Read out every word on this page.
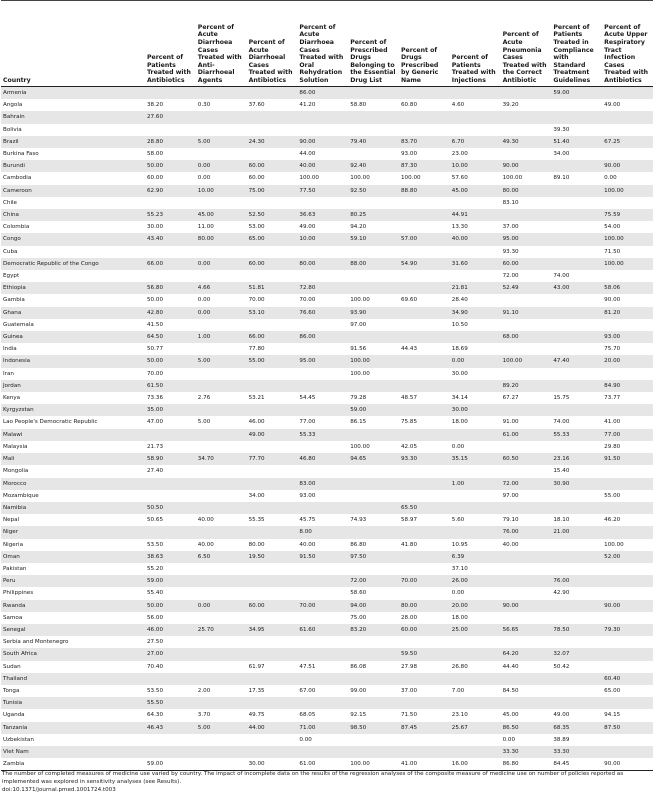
Country	Percent of Patients Treated with Antibiotics	Percent of Acute Diarrhoea Cases Treated with Anti-Diarrhoeal Agents	Percent of Acute Diarrhoeal Cases Treated with Antibiotics	Percent of Acute Diarrhoea Cases Treated with Oral Rehydration Solution	Percent of Prescribed Drugs Belonging to the Essential Drug List	Percent of Drugs Prescribed by Generic Name	Percent of Patients Treated with Injections	Percent of Acute Pneumonia Cases Treated with the Correct Antibiotic	Percent of Patients Treated in Compliance with Standard Treatment Guidelines	Percent of Acute Upper Respiratory Tract Infection Cases Treated with Antibiotics
Armenia				86.00					59.00	
Angola	38.20	0.30	37.60	41.20	58.80	60.80	4.60	39.20		49.00
Bahrain	27.60									
Bolivia									39.30	
Brazil	28.80	5.00	24.30	90.00	79.40	83.70	6.70	49.30	51.40	67.25
Burkina Faso	58.00			44.00		93.00	23.00		34.00	
Burundi	50.00	0.00	60.00	40.00	92.40	87.30	10.00	90.00		90.00
Cambodia	60.00	0.00	60.00	100.00	100.00	100.00	57.60	100.00	89.10	0.00
Cameroon	62.90	10.00	75.00	77.50	92.50	88.80	45.00	80.00		100.00
Chile								83.10		
China	55.23	45.00	52.50	36.63	80.25		44.91			75.59
Colombia	30.00	11.00	53.00	49.00	94.20		13.30	37.00		54.00
Congo	43.40	80.00	65.00	10.00	59.10	57.00	40.00	95.00		100.00
Cuba								93.30		71.50
Democratic Republic of the Congo	66.00	0.00	60.00	80.00	88.00	54.90	31.60	60.00		100.00
Egypt								72.00	74.00	
Ethiopia	56.80	4.66	51.81	72.80			21.81	52.49	43.00	58.06
Gambia	50.00	0.00	70.00	70.00	100.00	69.60	28.40			90.00
Ghana	42.80	0.00	53.10	76.60	93.90		34.90	91.10		81.20
Guatemala	41.50				97.00		10.50			
Guinea	64.50	1.00	66.00	86.00				68.00		93.00
India	50.77		77.80		91.56	44.43	18.69			75.70
Indonesia	50.00	5.00	55.00	95.00	100.00		0.00	100.00	47.40	20.00
Iran	70.00				100.00		30.00			
Jordan	61.50							89.20		84.90
Kenya	73.36	2.76	53.21	54.45	79.28	48.57	34.14	67.27	15.75	73.77
Kyrgyzstan	35.00				59.00		30.00			
Lao People's Democratic Republic	47.00	5.00	46.00	77.00	86.15	75.85	18.00	91.00	74.00	41.00
Malawi			49.00	55.33				61.00	55.33	77.00
Malaysia	21.73				100.00	42.05	0.00			29.80
Mali	58.90	34.70	77.70	46.80	94.65	93.30	35.15	60.50	23.16	91.50
Mongolia	27.40								15.40	
Morocco				83.00			1.00	72.00	30.90	
Mozambique			34.00	93.00				97.00		55.00
Namibia	50.50					65.50				
Nepal	50.65	40.00	55.35	45.75	74.93	58.97	5.60	79.10	18.10	46.20
Niger				8.00				76.00	21.00	
Nigeria	53.50	40.00	80.00	40.00	86.80	41.80	10.95	40.00		100.00
Oman	38.63	6.50	19.50	91.50	97.50		6.39			52.00
Pakistan	55.20						37.10			
Peru	59.00				72.00	70.00	26.00		76.00	
Philippines	55.40				58.60		0.00		42.90	
Rwanda	50.00	0.00	60.00	70.00	94.00	80.00	20.00	90.00		90.00
Samoa	56.00				75.00	28.00	18.00			
Senegal	46.00	25.70	34.95	61.60	83.20	60.00	25.00	56.65	78.50	79.30
Serbia and Montenegro	27.50									
South Africa	27.00					59.50		64.20	32.07	
Sudan	70.40		61.97	47.51	86.08	27.98	26.80	44.40	50.42	
Thailand										60.40
Tonga	53.50	2.00	17.35	67.00	99.00	37.00	7.00	84.50		65.00
Tunisia	55.50									
Uganda	64.30	3.70	49.75	68.05	92.15	71.50	23.10	45.00	49.00	94.15
Tanzania	46.43	5.00	44.00	71.00	98.50	87.45	25.67	86.50	68.35	87.50
Uzbekistan				0.00				0.00	38.89	
Viet Nam								33.30	33.30	
Zambia	59.00		30.00	61.00	100.00	41.00	16.00	86.80	84.45	90.00
The number of completed measures of medicine use varied by country. The impact of incomplete data on the results of the regression analyses of the composite measure of medicine use on number of policies reported as implemented was explored in sensitivity analyses (see Results).
doi:10.1371/journal.pmed.1001724.t003
